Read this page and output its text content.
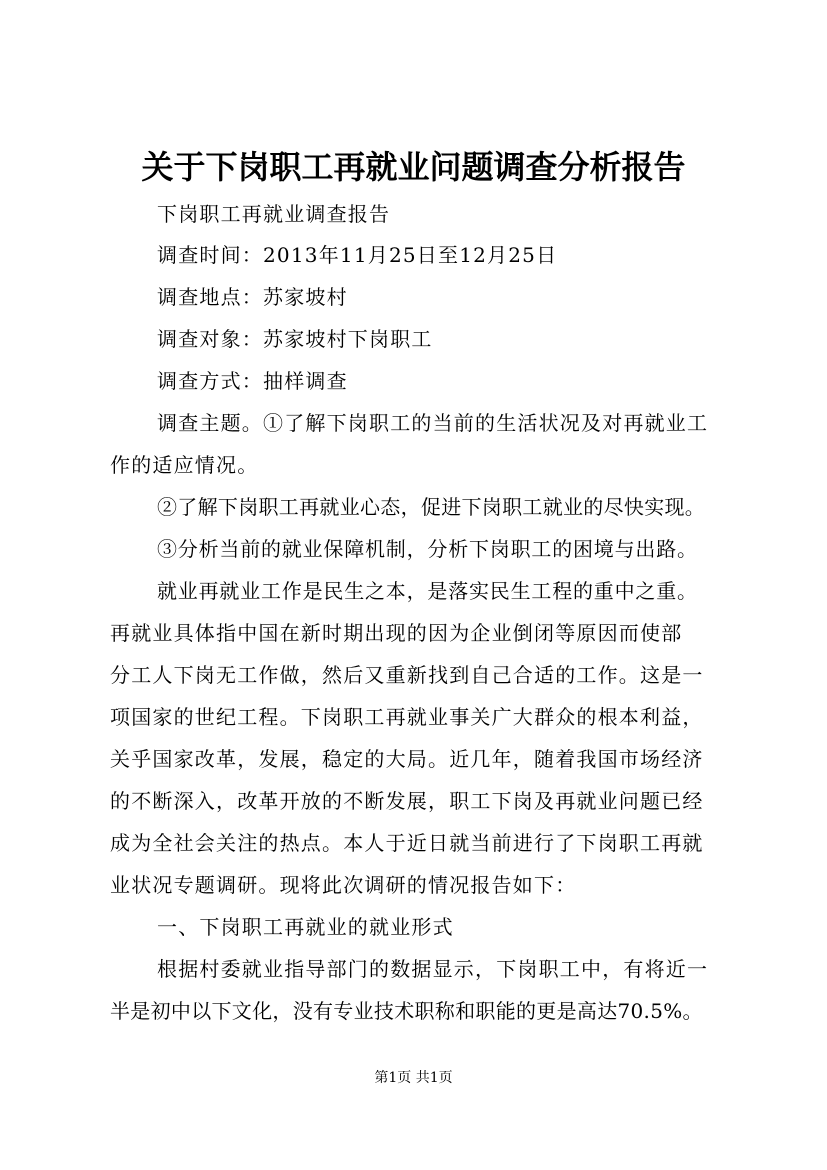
关于下岗职工再就业问题调查分析报告
下岗职工再就业调查报告
调查时间：2013年11月25日至12月25日
调查地点：苏家坡村
调查对象：苏家坡村下岗职工
调查方式：抽样调查
调查主题。①了解下岗职工的当前的生活状况及对再就业工
作的适应情况。
②了解下岗职工再就业心态，促进下岗职工就业的尽快实现。
③分析当前的就业保障机制，分析下岗职工的困境与出路。
就业再就业工作是民生之本，是落实民生工程的重中之重。
再就业具体指中国在新时期出现的因为企业倒闭等原因而使部
分工人下岗无工作做，然后又重新找到自己合适的工作。这是一
项国家的世纪工程。下岗职工再就业事关广大群众的根本利益，
关乎国家改革，发展，稳定的大局。近几年，随着我国市场经济
的不断深入，改革开放的不断发展，职工下岗及再就业问题已经
成为全社会关注的热点。本人于近日就当前进行了下岗职工再就
业状况专题调研。现将此次调研的情况报告如下：
一、下岗职工再就业的就业形式
根据村委就业指导部门的数据显示，下岗职工中，有将近一
半是初中以下文化，没有专业技术职称和职能的更是高达70.5%。
第1页 共1页
